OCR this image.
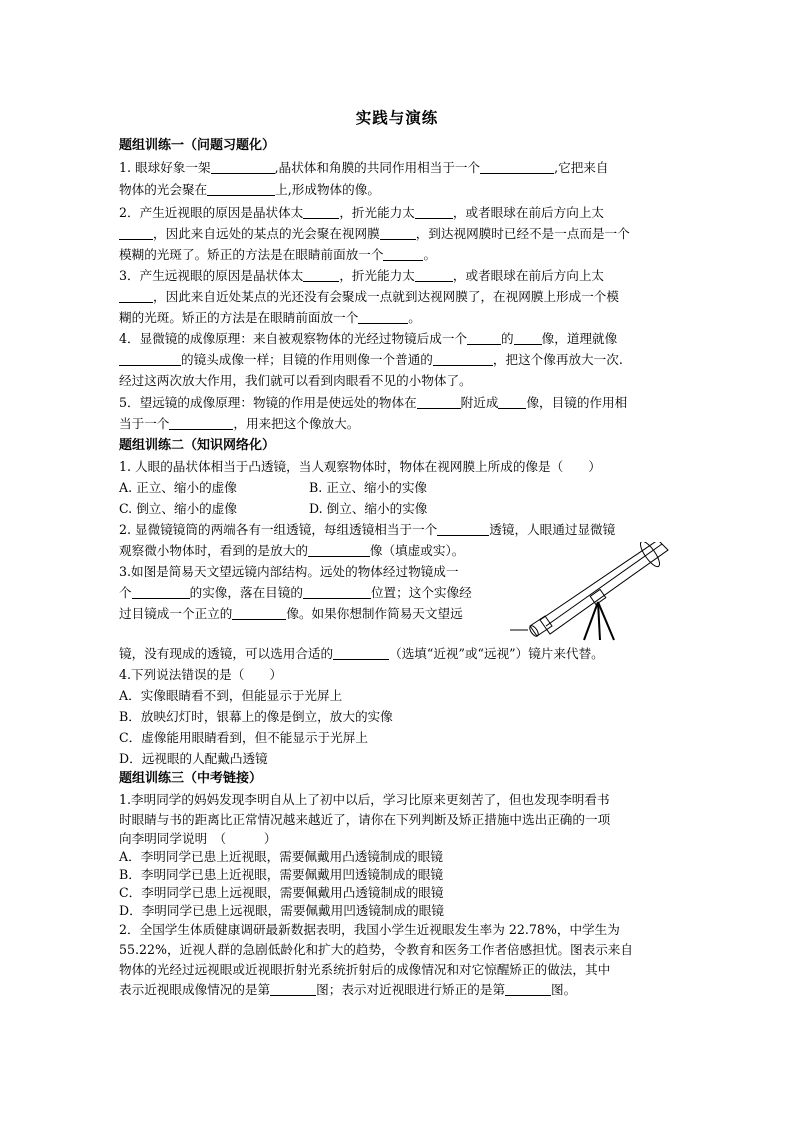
实践与演练
题组训练一（问题习题化）
1. 眼球好象一架	,晶状体和角膜的共同作用相当于一个	,它把来自
物体的光会聚在	上,形成物体的像。
2．产生近视眼的原因是晶状体太	，折光能力太	，或者眼球在前后方向上太
，因此来自远处的某点的光会聚在视网膜	，到达视网膜时已经不是一点而是一个
模糊的光斑了。矫正的方法是在眼睛前面放一个	。
3．产生远视眼的原因是晶状体太	，折光能力太	，或者眼球在前后方向上太
，因此来自近处某点的光还没有会聚成一点就到达视网膜了，在视网膜上形成一个模
糊的光斑。矫正的方法是在眼睛前面放一个	。
4．显微镜的成像原理：来自被观察物体的光经过物镜后成一个	的 像，道理就像
的镜头成像一样；目镜的作用则像一个普通的	，把这个像再放大一次.
经过这两次放大作用，我们就可以看到肉眼看不见的小物体了。
5．望远镜的成像原理：物镜的作用是使远处的物体在	附近成 像，目镜的作用相
当于一个	，用来把这个像放大。
题组训练二（知识网络化）
1. 人眼的晶状体相当于凸透镜，当人观察物体时，物体在视网膜上所成的像是（　　）
A. 正立、缩小的虚像	B. 正立、缩小的实像
C. 倒立、缩小的虚像	D. 倒立、缩小的实像
2. 显微镜镜筒的两端各有一组透镜，每组透镜相当于一个	透镜，人眼通过显微镜
观察微小物体时，看到的是放大的	像（填虚或实）。
3.如图是简易天文望远镜内部结构。远处的物体经过物镜成一
个	的实像，落在目镜的	位置；这个实像经
过目镜成一个正立的	像。如果你想制作简易天文望远
镜，没有现成的透镜，可以选用合适的	（选填“近视”或“远视”）镜片来代替。
4.下列说法错误的是（　　）
A．实像眼睛看不到，但能显示于光屏上
B．放映幻灯时，银幕上的像是倒立，放大的实像
C．虚像能用眼睛看到，但不能显示于光屏上
D．远视眼的人配戴凸透镜
题组训练三（中考链接）
1.李明同学的妈妈发现李明自从上了初中以后，学习比原来更刻苦了，但也发现李明看书
时眼睛与书的距离比正常情况越来越近了，请你在下列判断及矫正措施中选出正确的一项
向李明同学说明　（　　　）
A．李明同学已患上近视眼，需要佩戴用凸透镜制成的眼镜
B．李明同学已患上近视眼，需要佩戴用凹透镜制成的眼镜
C．李明同学已患上远视眼，需要佩戴用凸透镜制成的眼镜
D．李明同学已患上远视眼，需要佩戴用凹透镜制成的眼镜
2．全国学生体质健康调研最新数据表明，我国小学生近视眼发生率为 22.78%，中学生为
55.22%，近视人群的急剧低龄化和扩大的趋势，令教育和医务工作者倍感担忧。图表示来自
物体的光经过远视眼或近视眼折射光系统折射后的成像情况和对它惊醒矫正的做法，其中
表示近视眼成像情况的是第	图；表示对近视眼进行矫正的是第	图。
